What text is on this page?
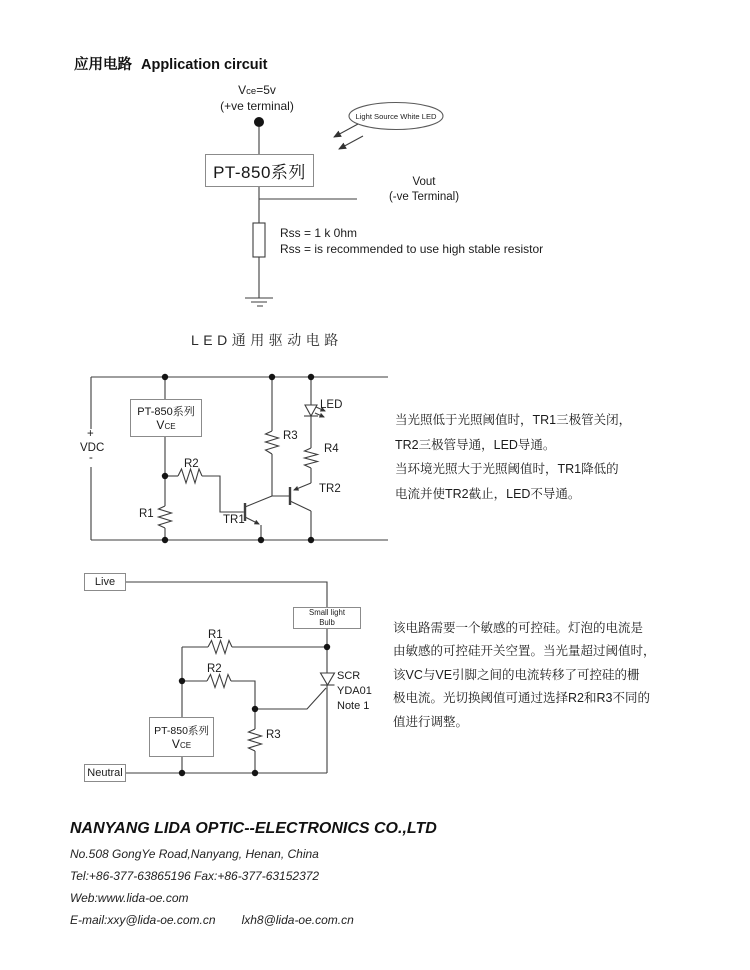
应用电路 Application circuit
Vce=5v
(+ve terminal)
PT-850系列
Light Source White LED
Vout
(-ve Terminal)
Rss = 1 k 0hm
Rss = is recommended to use high stable resistor
LED通用驱动电路
+
VDC
-
PT-850系列
VCE
R2
R1
R3
R4
LED
TR1
TR2
当光照低于光照阈值时，TR1三极管关闭，
TR2三极管导通，LED导通。
当环境光照大于光照阈值时，TR1降低的
电流并使TR2截止，LED不导通。
Live
Small light
Bulb
R1
R2
R3
SCR
YDA01
Note 1
PT-850系列
VCE
Neutral
该电路需要一个敏感的可控硅。灯泡的电流是
由敏感的可控硅开关空置。当光量超过阈值时，
该VC与VE引脚之间的电流转移了可控硅的栅
极电流。光切换阈值可通过选择R2和R3不同的
值进行调整。
NANYANG LIDA OPTIC--ELECTRONICS CO.,LTD
No.508 GongYe Road,Nanyang, Henan, China
Tel:+86-377-63865196 Fax:+86-377-63152372
Web:www.lida-oe.com
E-mail:xxy@lida-oe.com.cn lxh8@lida-oe.com.cn
